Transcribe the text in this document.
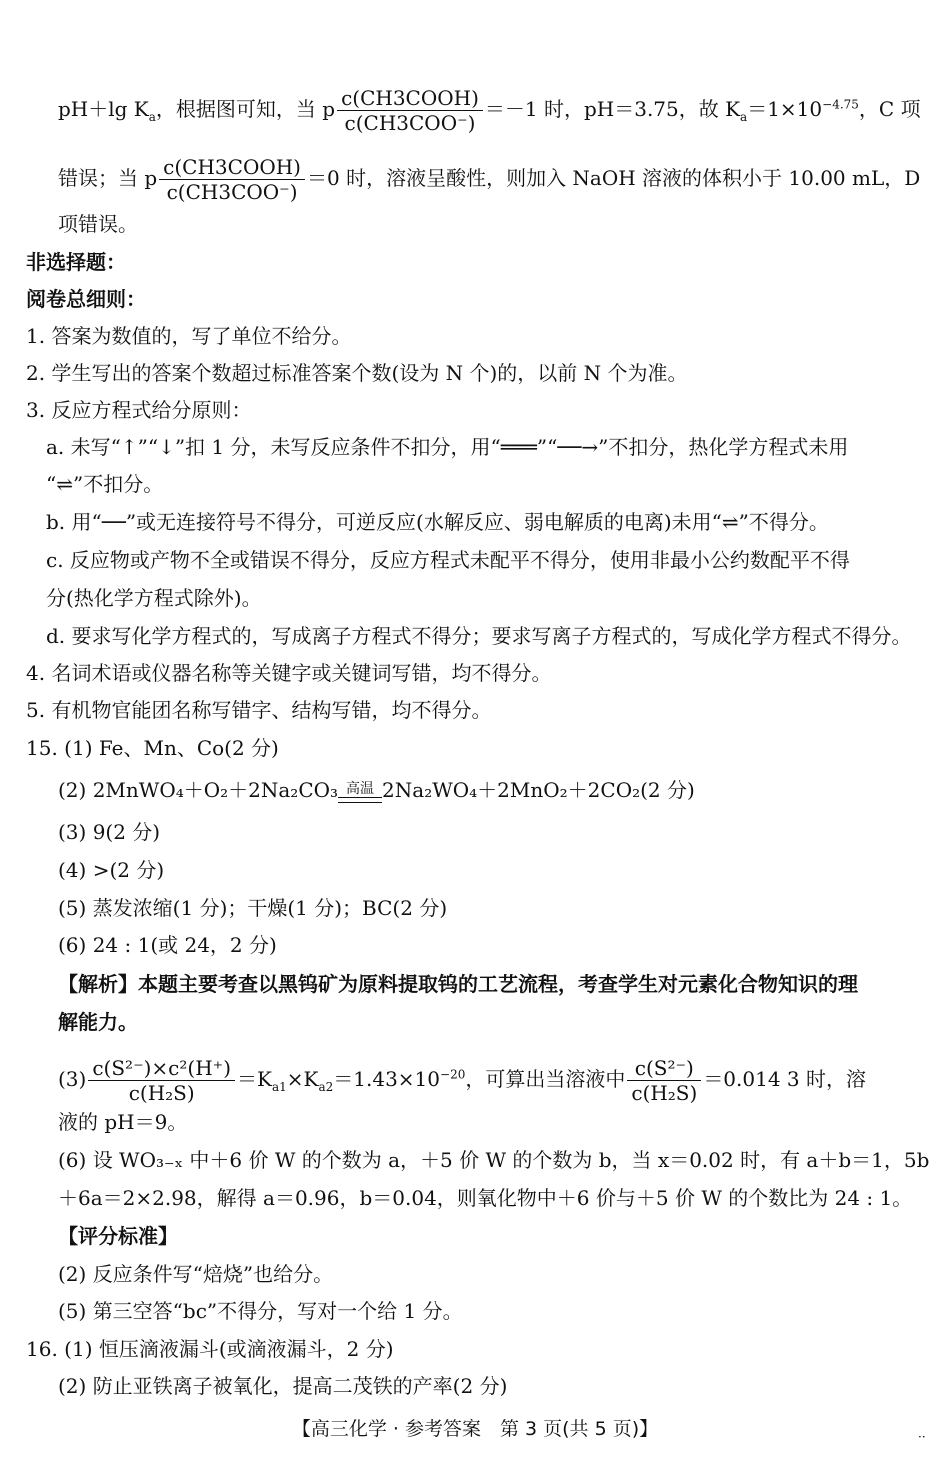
pH＋lg $K_a$，根据图可知，当 p $\frac{\text{c(CH3COOH)}}{\text{c(CH3COO⁻)}} =-1$ 时，pH＝3.75，故 $K_a=1\times 10^{-4.75}$，C 项
错误；当 p $\frac{\text{c(CH3COOH)}}{\text{c(CH3COO⁻)}} =0$ 时，溶液呈酸性，则加入 NaOH 溶液的体积小于 10.00 mL，D
项错误。
非选择题：
阅卷总细则：
1. 答案为数值的，写了单位不给分。
2. 学生写出的答案个数超过标准答案个数(设为 N 个)的，以前 N 个为准。
3. 反应方程式给分原则：
a. 未写“↑”“↓”扣 1 分，未写反应条件不扣分，用“═══”“──→”不扣分，热化学方程式未用
“⇌”不扣分。
b. 用“──”或无连接符号不得分，可逆反应(水解反应、弱电解质的电离)未用“⇌”不得分。
c. 反应物或产物不全或错误不得分，反应方程式未配平不得分，使用非最小公约数配平不得
分(热化学方程式除外)。
d. 要求写化学方程式的，写成离子方程式不得分；要求写离子方程式的，写成化学方程式不得分。
4. 名词术语或仪器名称等关键字或关键词写错，均不得分。
5. 有机物官能团名称写错字、结构写错，均不得分。
15. (1) Fe、Mn、Co(2 分)
(2) 2MnWO₄＋O₂＋2Na₂CO₃ 高温 2Na₂WO₄＋2MnO₂＋2CO₂(2 分)
(3) 9(2 分)
(4) >(2 分)
(5) 蒸发浓缩(1 分)；干燥(1 分)；BC(2 分)
(6) 24 : 1(或 24，2 分)
【解析】本题主要考查以黑钨矿为原料提取钨的工艺流程，考查学生对元素化合物知识的理
解能力。
$(3) \frac{\text{c(S²⁻)×c²(H⁺)}}{\text{c(H₂S)}} =K_{a1}\times K_{a2}=1.43\times 10^{-20}$，可算出当溶液中 $\frac{\text{c(S²⁻)}}{\text{c(H₂S)}} =0.014$ 3 时，溶
液的 pH＝9。
(6) 设 WO₃₋ₓ 中＋6 价 W 的个数为 a，＋5 价 W 的个数为 b，当 x＝0.02 时，有 a＋b＝1，5b
＋6a＝2×2.98，解得 a＝0.96，b＝0.04，则氧化物中＋6 价与＋5 价 W 的个数比为 24 : 1。
【评分标准】
(2) 反应条件写“焙烧”也给分。
(5) 第三空答“bc”不得分，写对一个给 1 分。
16. (1) 恒压滴液漏斗(或滴液漏斗，2 分)
(2) 防止亚铁离子被氧化，提高二茂铁的产率(2 分)
【高三化学 · 参考答案　第 3 页(共 5 页)】	··
